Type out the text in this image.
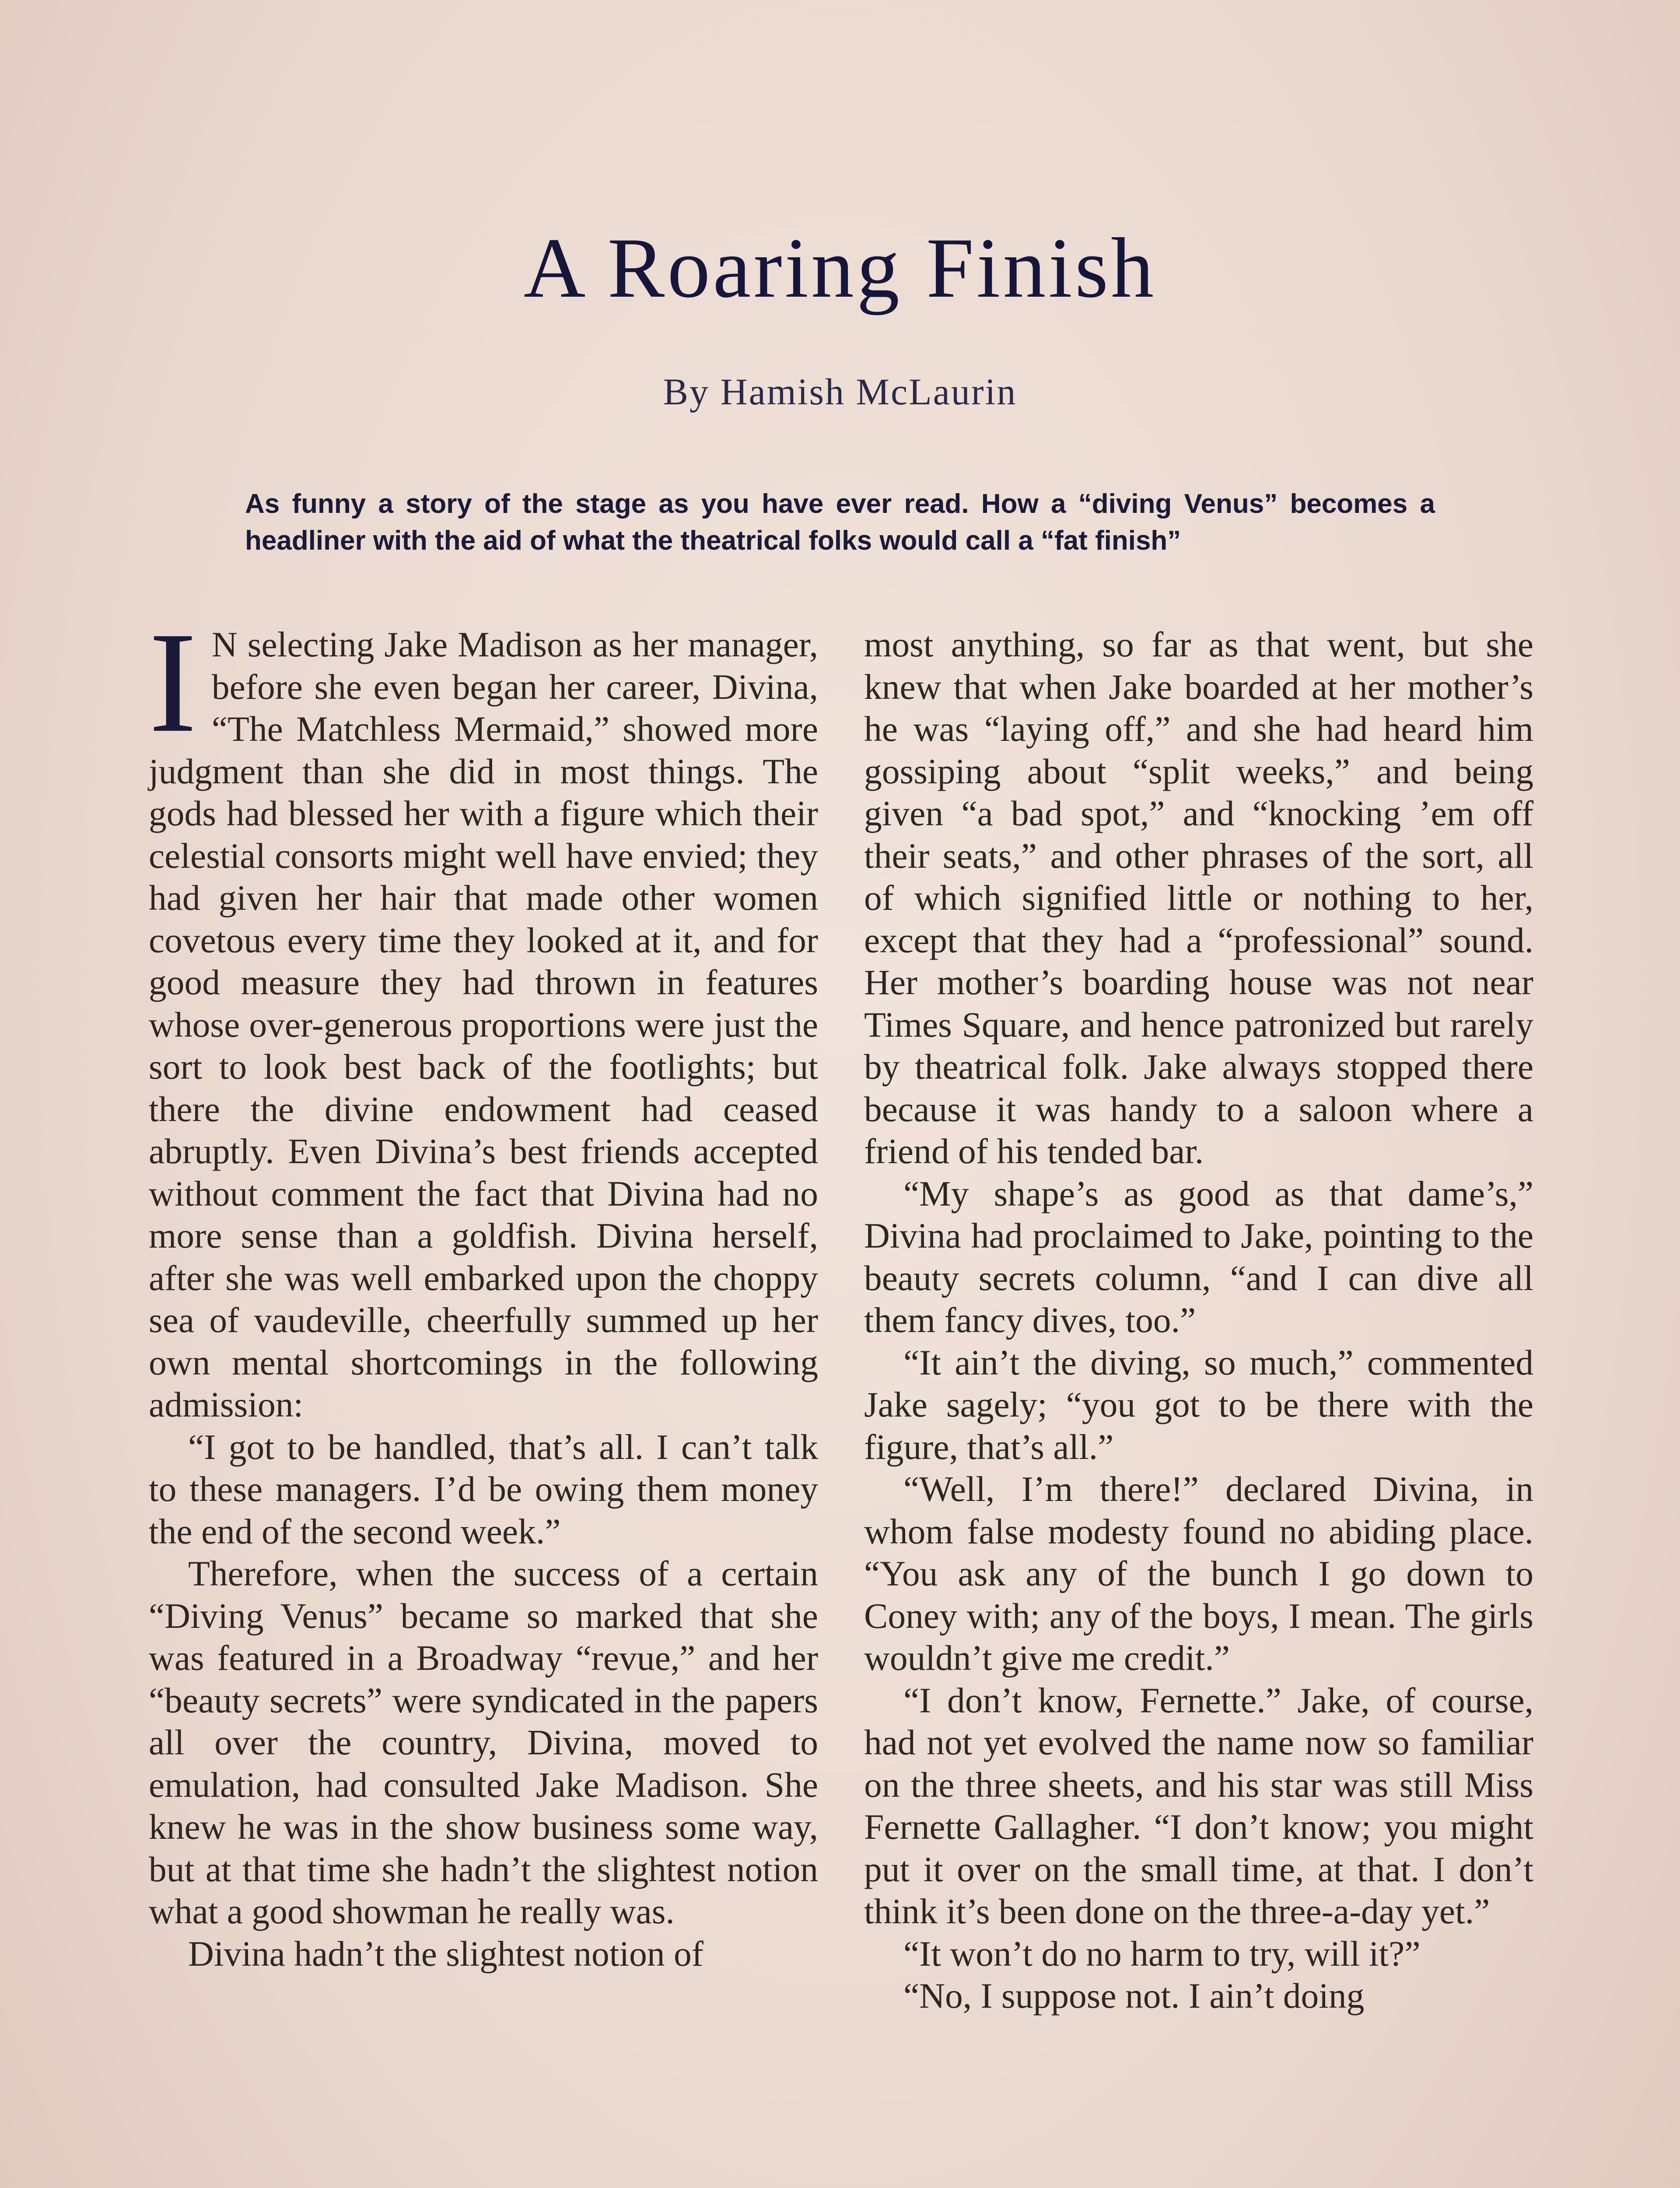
A Roaring Finish
By Hamish McLaurin

As funny a story of the stage as you have ever read. How a “diving Venus” becomes a headliner with the aid of what the theatrical folks would call a “fat finish”

I N selecting Jake Madison as her manager, before she even began her career, Divina, “The Matchless Mermaid,” showed more judgment than she did in most things. The gods had blessed her with a figure which their celestial consorts might well have envied; they had given her hair that made other women covetous every time they looked at it, and for good measure they had thrown in features whose over-generous proportions were just the sort to look best back of the footlights; but there the divine endowment had ceased abruptly. Even Divina’s best friends accepted without comment the fact that Divina had no more sense than a goldfish. Divina herself, after she was well embarked upon the choppy sea of vaudeville, cheerfully summed up her own mental shortcomings in the following admission:

“I got to be handled, that’s all. I can’t talk to these managers. I’d be owing them money the end of the second week.”

Therefore, when the success of a certain “Diving Venus” became so marked that she was featured in a Broadway “revue,” and her “beauty secrets” were syndicated in the papers all over the country, Divina, moved to emulation, had consulted Jake Madison. She knew he was in the show business some way, but at that time she hadn’t the slightest notion what a good showman he really was.

Divina hadn’t the slightest notion of

most anything, so far as that went, but she knew that when Jake boarded at her mother’s he was “laying off,” and she had heard him gossiping about “split weeks,” and being given “a bad spot,” and “knocking ’em off their seats,” and other phrases of the sort, all of which signified little or nothing to her, except that they had a “professional” sound. Her mother’s boarding house was not near Times Square, and hence patronized but rarely by theatrical folk. Jake always stopped there because it was handy to a saloon where a friend of his tended bar.

“My shape’s as good as that dame’s,” Divina had proclaimed to Jake, pointing to the beauty secrets column, “and I can dive all them fancy dives, too.”

“It ain’t the diving, so much,” commented Jake sagely; “you got to be there with the figure, that’s all.”

“Well, I’m there!” declared Divina, in whom false modesty found no abiding place. “You ask any of the bunch I go down to Coney with; any of the boys, I mean. The girls wouldn’t give me credit.”

“I don’t know, Fernette.” Jake, of course, had not yet evolved the name now so familiar on the three sheets, and his star was still Miss Fernette Gallagher. “I don’t know; you might put it over on the small time, at that. I don’t think it’s been done on the three-a-day yet.”

“It won’t do no harm to try, will it?”

“No, I suppose not. I ain’t doing
